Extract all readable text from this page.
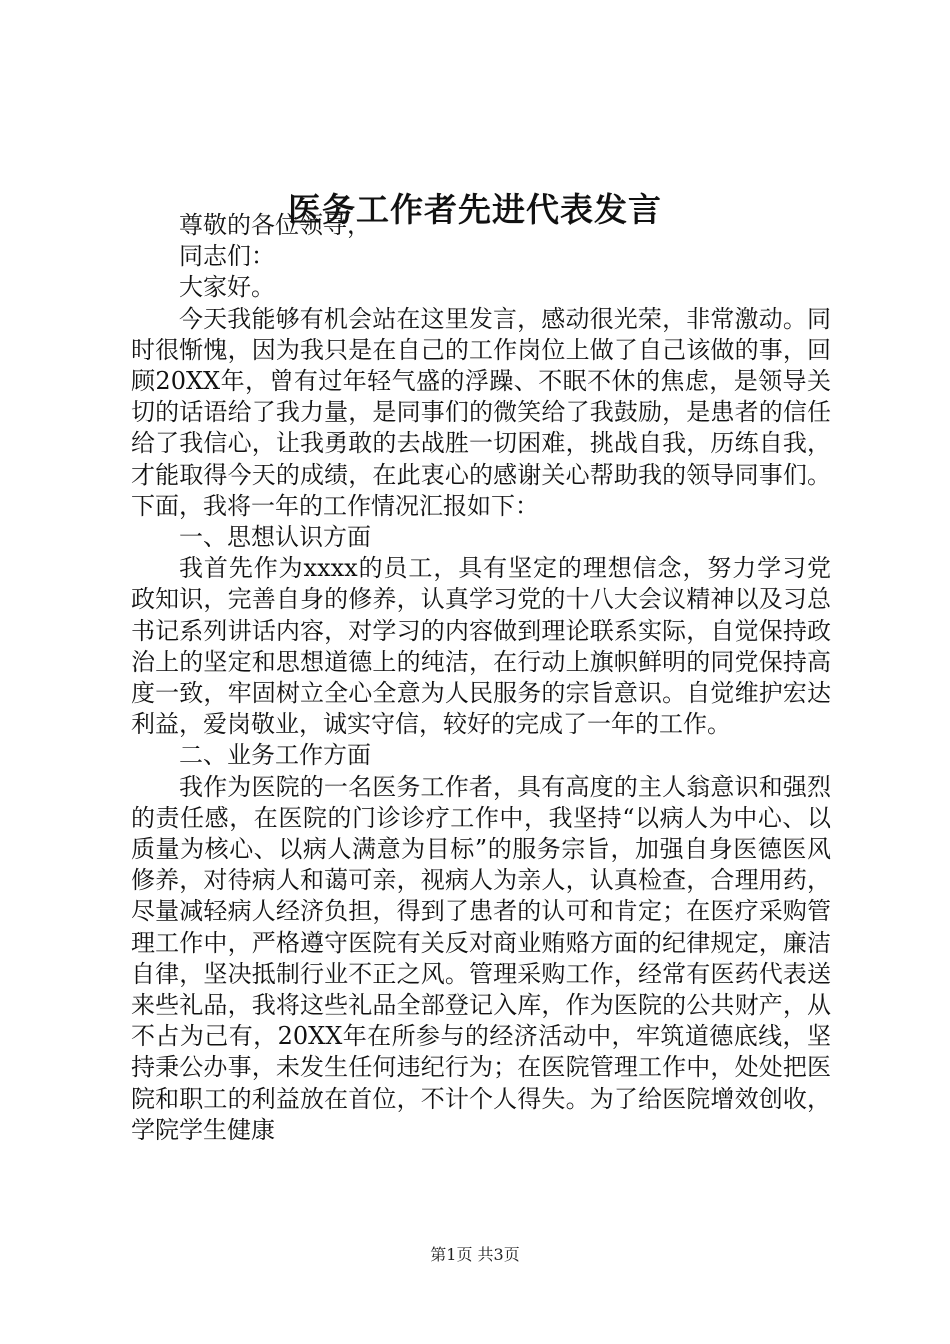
医务工作者先进代表发言

尊敬的各位领导，

同志们：

大家好。

今天我能够有机会站在这里发言，感动很光荣，非常激动。同时很惭愧，因为我只是在自己的工作岗位上做了自己该做的事，回顾20XX年，曾有过年轻气盛的浮躁、不眠不休的焦虑，是领导关切的话语给了我力量，是同事们的微笑给了我鼓励，是患者的信任给了我信心，让我勇敢的去战胜一切困难，挑战自我，历练自我，才能取得今天的成绩，在此衷心的感谢关心帮助我的领导同事们。下面，我将一年的工作情况汇报如下：

一、思想认识方面

我首先作为xxxx的员工，具有坚定的理想信念，努力学习党政知识，完善自身的修养，认真学习党的十八大会议精神以及习总书记系列讲话内容，对学习的内容做到理论联系实际，自觉保持政治上的坚定和思想道德上的纯洁，在行动上旗帜鲜明的同党保持高度一致，牢固树立全心全意为人民服务的宗旨意识。自觉维护宏达利益，爱岗敬业，诚实守信，较好的完成了一年的工作。

二、业务工作方面

我作为医院的一名医务工作者，具有高度的主人翁意识和强烈的责任感，在医院的门诊诊疗工作中，我坚持“以病人为中心、以质量为核心、以病人满意为目标”的服务宗旨，加强自身医德医风修养，对待病人和蔼可亲，视病人为亲人，认真检查，合理用药，尽量减轻病人经济负担，得到了患者的认可和肯定；在医疗采购管理工作中，严格遵守医院有关反对商业贿赂方面的纪律规定，廉洁自律，坚决抵制行业不正之风。管理采购工作，经常有医药代表送来些礼品，我将这些礼品全部登记入库，作为医院的公共财产，从不占为己有，20XX年在所参与的经济活动中，牢筑道德底线，坚持秉公办事，未发生任何违纪行为；在医院管理工作中，处处把医院和职工的利益放在首位，不计个人得失。为了给医院增效创收，学院学生健康

第1页 共3页
